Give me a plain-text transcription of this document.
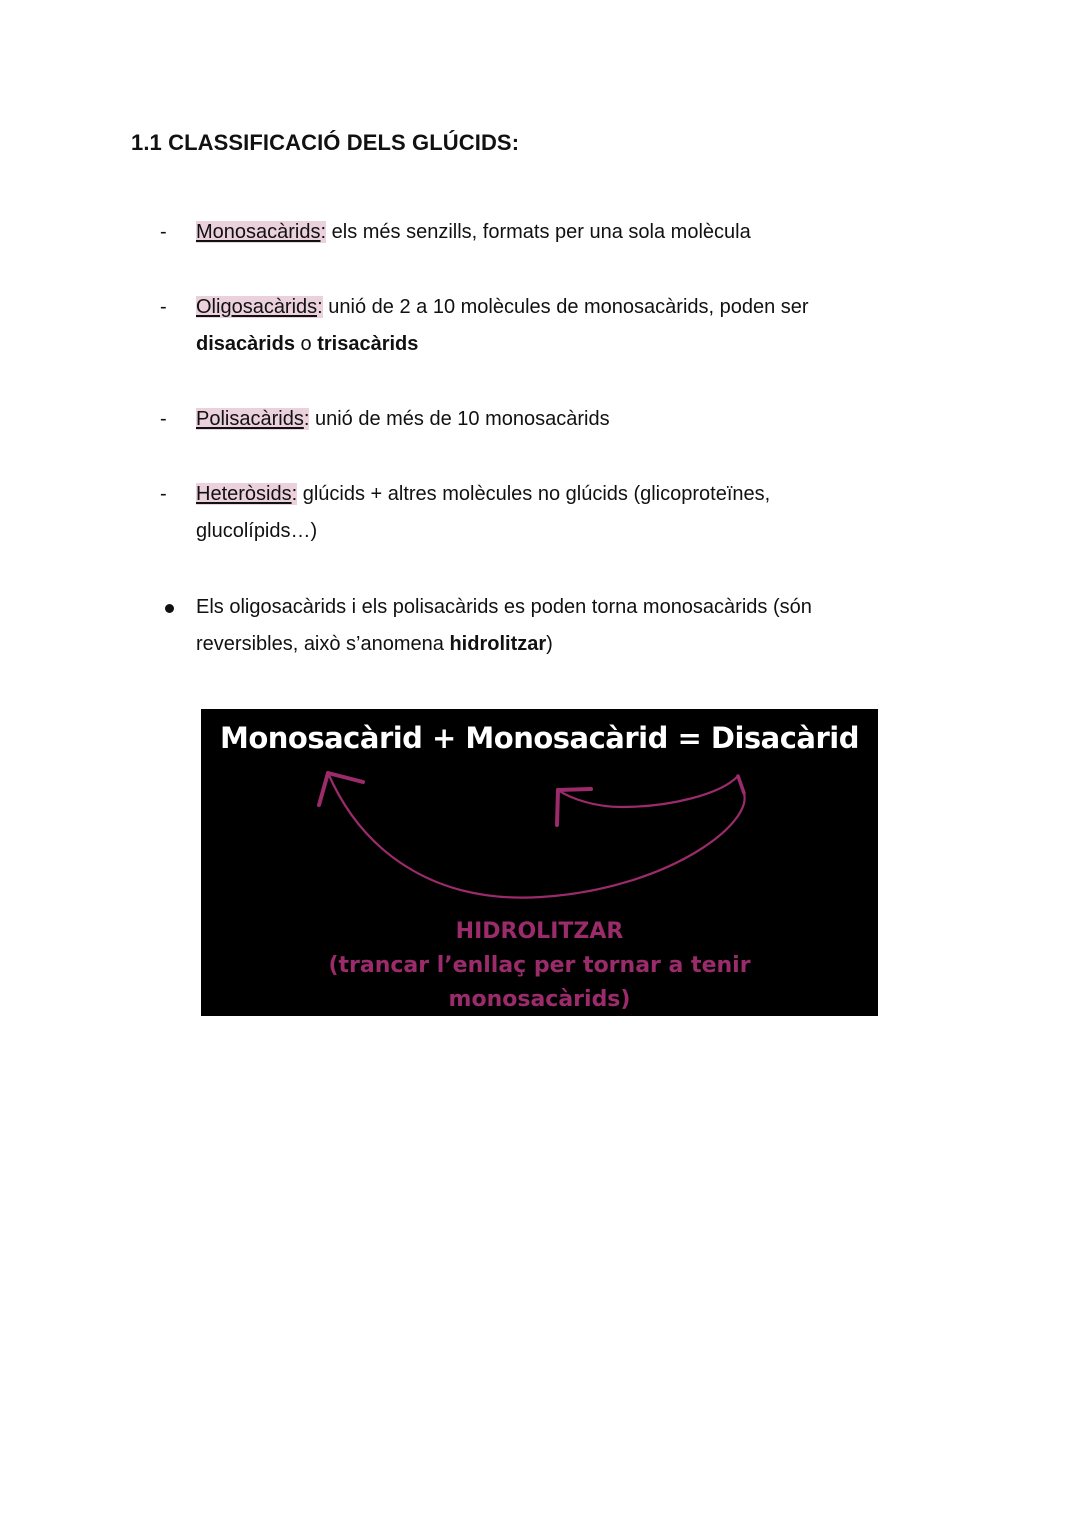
1.1 CLASSIFICACIÓ DELS GLÚCIDS:
-	Monosacàrids: els més senzills, formats per una sola molècula
-	Oligosacàrids: unió de 2 a 10 molècules de monosacàrids, poden ser disacàrids o trisacàrids
-	Polisacàrids: unió de més de 10 monosacàrids
-	Heteròsids: glúcids + altres molècules no glúcids (glicoproteïnes, glucolípids…)
Els oligosacàrids i els polisacàrids es poden torna monosacàrids (són reversibles, això s’anomena hidrolitzar)
Monosacàrid + Monosacàrid = Disacàrid
HIDROLITZAR
(trancar l’enllaç per tornar a tenir
monosacàrids)
